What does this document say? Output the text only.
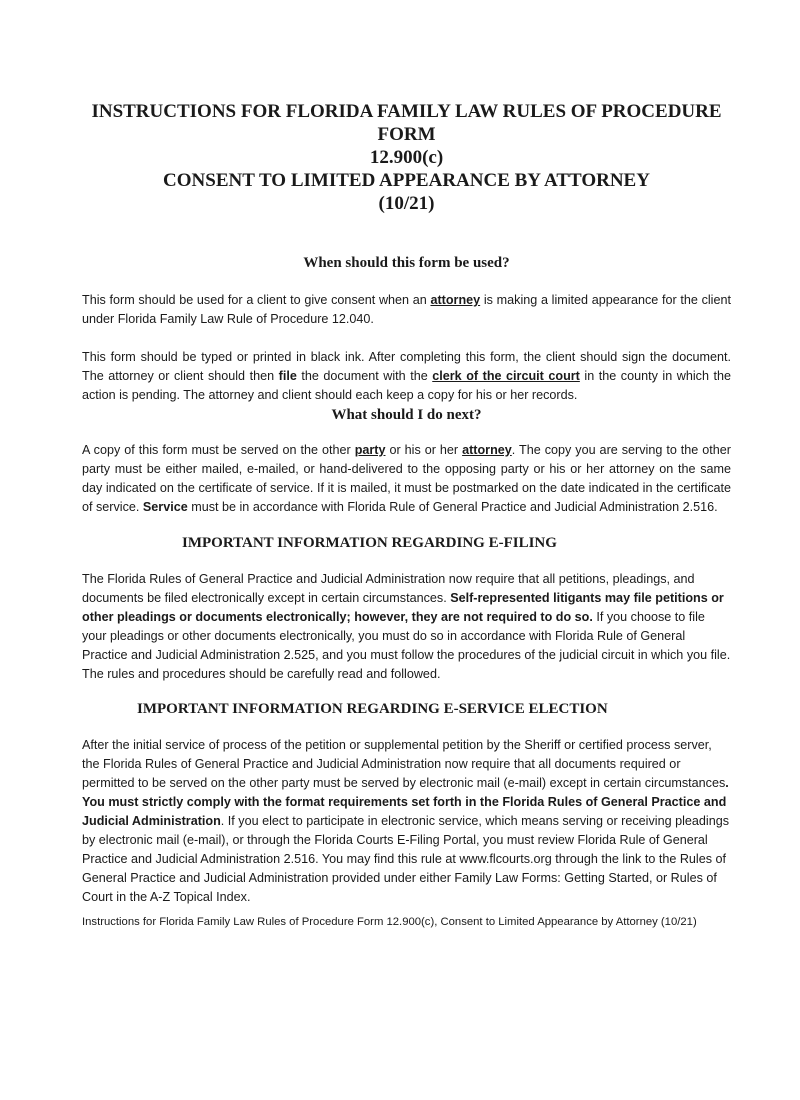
INSTRUCTIONS FOR FLORIDA FAMILY LAW RULES OF PROCEDURE FORM
12.900(c)
CONSENT TO LIMITED APPEARANCE BY ATTORNEY
(10/21)
When should this form be used?

This form should be used for a client to give consent when an attorney is making a limited appearance for the client under Florida Family Law Rule of Procedure 12.040.

This form should be typed or printed in black ink. After completing this form, the client should sign the document. The attorney or client should then file the document with the clerk of the circuit court in the county in which the action is pending. The attorney and client should each keep a copy for his or her records.

What should I do next?

A copy of this form must be served on the other party or his or her attorney. The copy you are serving to the other party must be either mailed, e-mailed, or hand-delivered to the opposing party or his or her attorney on the same day indicated on the certificate of service. If it is mailed, it must be postmarked on the date indicated in the certificate of service. Service must be in accordance with Florida Rule of General Practice and Judicial Administration 2.516.

IMPORTANT INFORMATION REGARDING E-FILING

The Florida Rules of General Practice and Judicial Administration now require that all petitions, pleadings, and documents be filed electronically except in certain circumstances. Self-represented litigants may file petitions or other pleadings or documents electronically; however, they are not required to do so. If you choose to file your pleadings or other documents electronically, you must do so in accordance with Florida Rule of General Practice and Judicial Administration 2.525, and you must follow the procedures of the judicial circuit in which you file. The rules and procedures should be carefully read and followed.

IMPORTANT INFORMATION REGARDING E-SERVICE ELECTION

After the initial service of process of the petition or supplemental petition by the Sheriff or certified process server, the Florida Rules of General Practice and Judicial Administration now require that all documents required or permitted to be served on the other party must be served by electronic mail (e-mail) except in certain circumstances. You must strictly comply with the format requirements set forth in the Florida Rules of General Practice and Judicial Administration. If you elect to participate in electronic service, which means serving or receiving pleadings by electronic mail (e-mail), or through the Florida Courts E-Filing Portal, you must review Florida Rule of General Practice and Judicial Administration 2.516. You may find this rule at www.flcourts.org through the link to the Rules of General Practice and Judicial Administration provided under either Family Law Forms: Getting Started, or Rules of Court in the A-Z Topical Index.

Instructions for Florida Family Law Rules of Procedure Form 12.900(c), Consent to Limited Appearance by Attorney (10/21)
